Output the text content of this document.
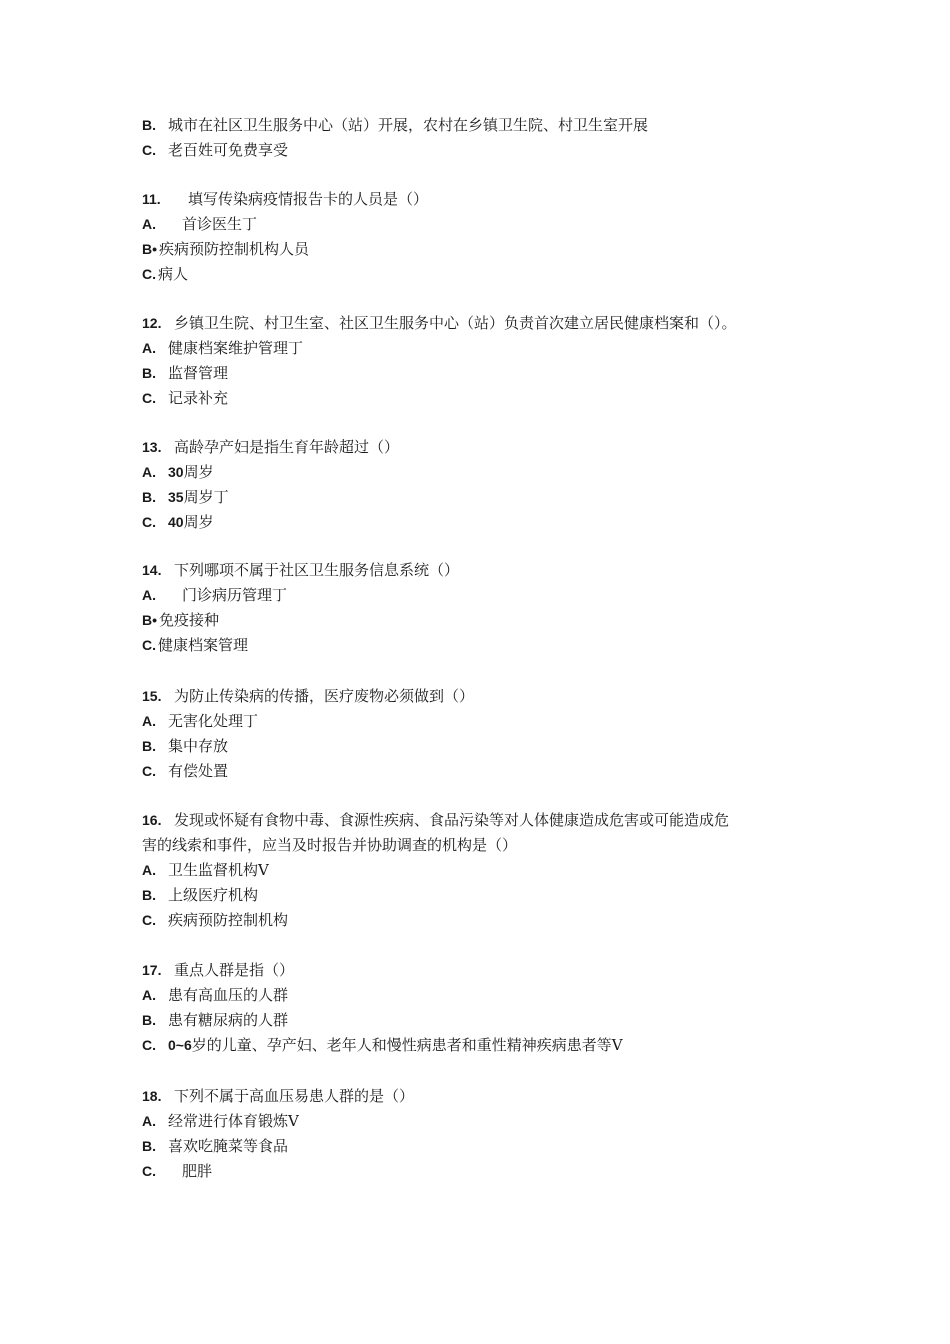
B. 城市在社区卫生服务中心（站）开展，农村在乡镇卫生院、村卫生室开展
C. 老百姓可免费享受
11. 填写传染病疫情报告卡的人员是（）
A. 首诊医生丁
B• 疾病预防控制机构人员
C. 病人
12. 乡镇卫生院、村卫生室、社区卫生服务中心（站）负责首次建立居民健康档案和（）。
A. 健康档案维护管理丁
B. 监督管理
C. 记录补充
13. 高龄孕产妇是指生育年龄超过（）
A. 30周岁
B. 35周岁丁
C. 40周岁
14. 下列哪项不属于社区卫生服务信息系统（）
A. 门诊病历管理丁
B• 免疫接种
C. 健康档案管理
15. 为防止传染病的传播，医疗废物必须做到（）
A. 无害化处理丁
B. 集中存放
C. 有偿处置
16. 发现或怀疑有食物中毒、食源性疾病、食品污染等对人体健康造成危害或可能造成危
害的线索和事件，应当及时报告并协助调查的机构是（）
A. 卫生监督机构V
B. 上级医疗机构
C. 疾病预防控制机构
17. 重点人群是指（）
A. 患有高血压的人群
B. 患有糖尿病的人群
C. 0~6岁的儿童、孕产妇、老年人和慢性病患者和重性精神疾病患者等V
18. 下列不属于高血压易患人群的是（）
A. 经常进行体育锻炼V
B. 喜欢吃腌菜等食品
C. 肥胖
